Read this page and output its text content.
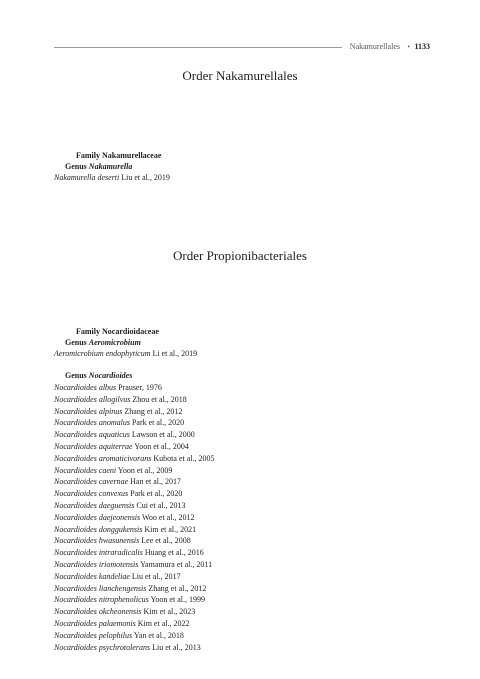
Nakamurellales • 1133
Order Nakamurellales
Family Nakamurellaceae
Genus Nakamurella
Nakamurella deserti Liu et al., 2019
Order Propionibacteriales
Family Nocardioidaceae
Genus Aeromicrobium
Aeromicrobium endophyticum Li et al., 2019
Genus Nocardioides
Nocardioides albus Prauser, 1976
Nocardioides allogilvus Zhou et al., 2018
Nocardioides alpinus Zhang et al., 2012
Nocardioides anomalus Park et al., 2020
Nocardioides aquaticus Lawson et al., 2000
Nocardioides aquiterrae Yoon et al., 2004
Nocardioides aromaticivorans Kubota et al., 2005
Nocardioides caeni Yoon et al., 2009
Nocardioides cavernae Han et al., 2017
Nocardioides convexus Park et al., 2020
Nocardioides daeguensis Cui et al., 2013
Nocardioides daejeonensis Woo et al., 2012
Nocardioides donggukensis Kim et al., 2021
Nocardioides hwasunensis Lee et al., 2008
Nocardioides intraradicalis Huang et al., 2016
Nocardioides iriomotensis Yamamura et al., 2011
Nocardioides kandeliae Liu et al., 2017
Nocardioides lianchengensis Zhang et al., 2012
Nocardioides nitrophenolicus Yoon et al., 1999
Nocardioides okcheonensis Kim et al., 2023
Nocardioides palaemonis Kim et al., 2022
Nocardioides pelophilus Yan et al., 2018
Nocardioides psychrotolerans Liu et al., 2013
